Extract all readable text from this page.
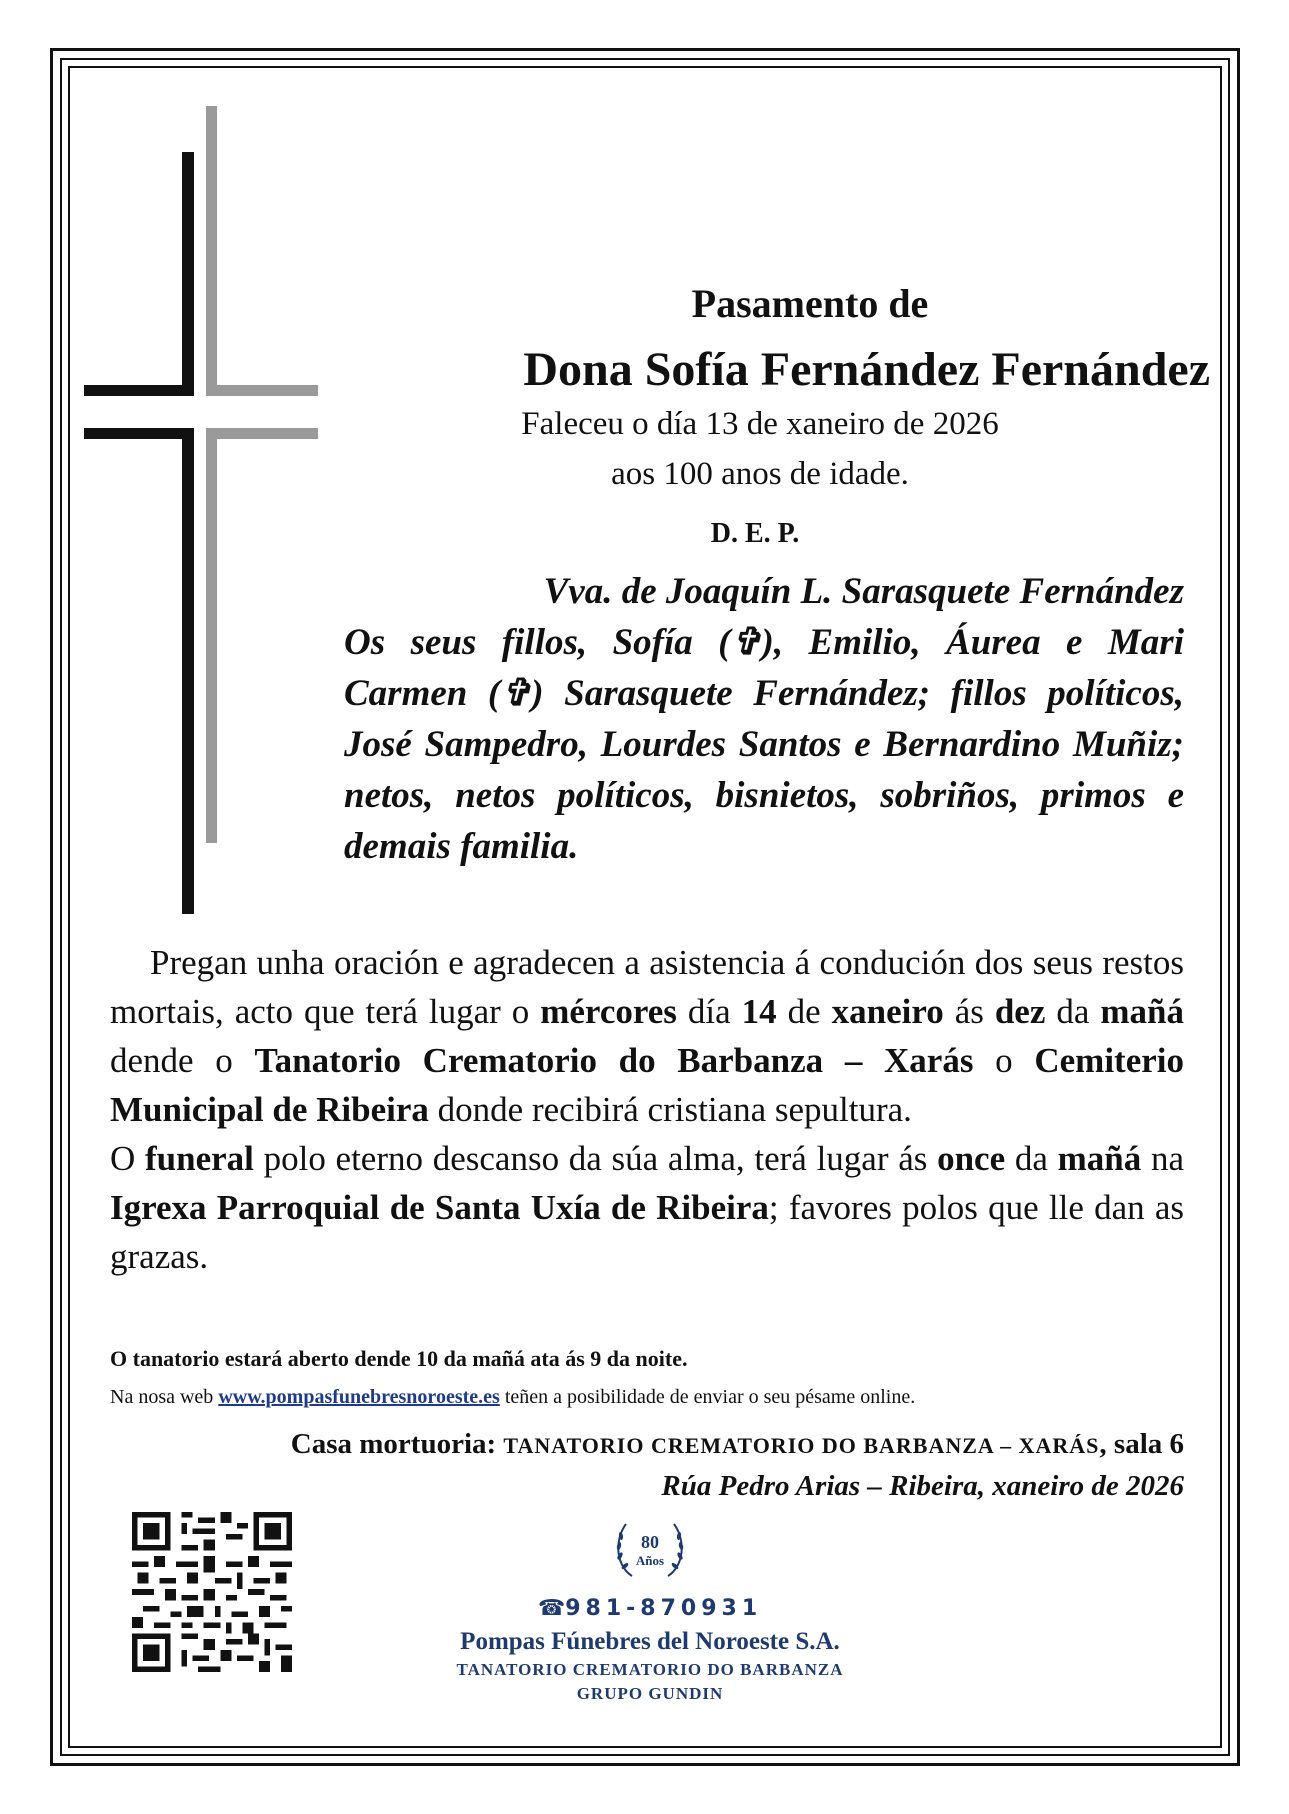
Pasamento de
Dona Sofía Fernández Fernández
Faleceu o día 13 de xaneiro de 2026
aos 100 anos de idade.
D. E. P.

Vva. de Joaquín L. Sarasquete Fernández
Os seus fillos, Sofía (✞), Emilio, Áurea e Mari Carmen (✞) Sarasquete Fernández; fillos políticos, José Sampedro, Lourdes Santos e Bernardino Muñiz; netos, netos políticos, bisnietos, sobriños, primos e demais familia.

Pregan unha oración e agradecen a asistencia á condución dos seus restos mortais, acto que terá lugar o mércores día 14 de xaneiro ás dez da mañá dende o Tanatorio Crematorio do Barbanza – Xarás o Cemiterio Municipal de Ribeira donde recibirá cristiana sepultura.

O funeral polo eterno descanso da súa alma, terá lugar ás once da mañá na Igrexa Parroquial de Santa Uxía de Ribeira; favores polos que lle dan as grazas.

O tanatorio estará aberto dende 10 da mañá ata ás 9 da noite.
Na nosa web www.pompasfunebresnoroeste.es teñen a posibilidade de enviar o seu pésame online.
Casa mortuoria: TANATORIO CREMATORIO DO BARBANZA – XARÁS, sala 6
Rúa Pedro Arias – Ribeira, xaneiro de 2026
80
Años
☎981-870931
Pompas Fúnebres del Noroeste S.A.
TANATORIO CREMATORIO DO BARBANZA
GRUPO GUNDIN
